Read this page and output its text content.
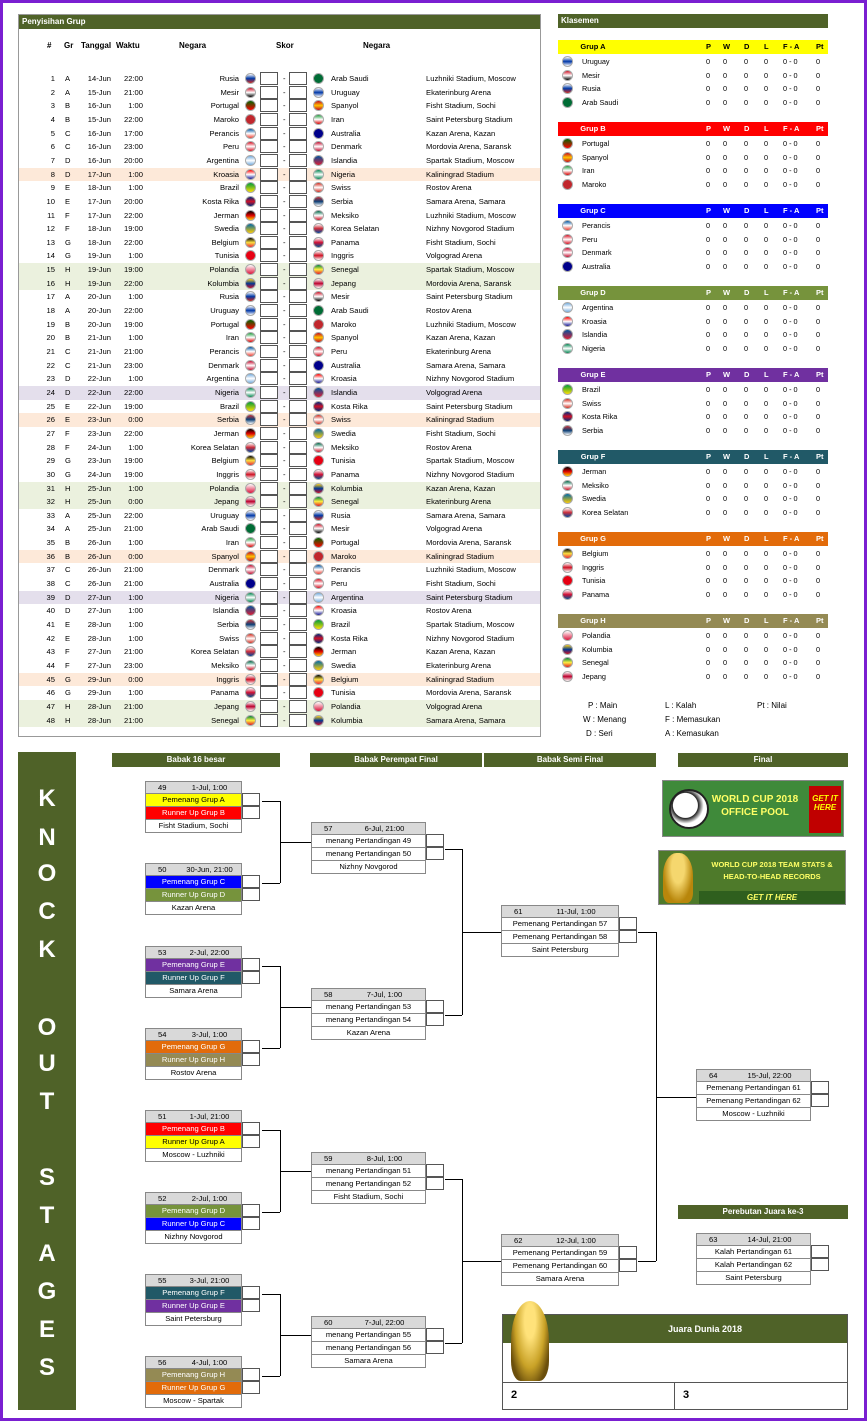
Penyisihan Grup
# Gr Tanggal Waktu	Negara	Skor	Negara
1 A	14-Jun	22:00	Rusia	-	Arab Saudi	Luzhniki Stadium, Moscow
2 A	15-Jun	21:00	Mesir	-	Uruguay	Ekaterinburg Arena
3 B	16-Jun	1:00	Portugal	-	Spanyol	Fisht Stadium, Sochi
4 B	15-Jun	22:00	Maroko	-	Iran	Saint Petersburg Stadium
5 C	16-Jun	17:00	Perancis	-	Australia	Kazan Arena, Kazan
6 C	16-Jun	23:00	Peru	-	Denmark	Mordovia Arena, Saransk
7 D	16-Jun	20:00	Argentina	-	Islandia	Spartak Stadium, Moscow
8 D	17-Jun	1:00	Kroasia	-	Nigeria	Kaliningrad Stadium
9 E	18-Jun	1:00	Brazil	-	Swiss	Rostov Arena
10 E	17-Jun	20:00	Kosta Rika	-	Serbia	Samara Arena, Samara
11 F	17-Jun	22:00	Jerman	-	Meksiko	Luzhniki Stadium, Moscow
12 F	18-Jun	19:00	Swedia	-	Korea Selatan	Nizhny Novgorod Stadium
13 G	18-Jun	22:00	Belgium	-	Panama	Fisht Stadium, Sochi
14 G	19-Jun	1:00	Tunisia	-	Inggris	Volgograd Arena
15 H	19-Jun	19:00	Polandia	-	Senegal	Spartak Stadium, Moscow
16 H	19-Jun	22:00	Kolumbia	-	Jepang	Mordovia Arena, Saransk
17 A	20-Jun	1:00	Rusia	-	Mesir	Saint Petersburg Stadium
18 A	20-Jun	22:00	Uruguay	-	Arab Saudi	Rostov Arena
19 B	20-Jun	19:00	Portugal	-	Maroko	Luzhniki Stadium, Moscow
20 B	21-Jun	1:00	Iran	-	Spanyol	Kazan Arena, Kazan
21 C	21-Jun	21:00	Perancis	-	Peru	Ekaterinburg Arena
22 C	21-Jun	23:00	Denmark	-	Australia	Samara Arena, Samara
23 D	22-Jun	1:00	Argentina	-	Kroasia	Nizhny Novgorod Stadium
24 D	22-Jun	22:00	Nigeria	-	Islandia	Volgograd Arena
25 E	22-Jun	19:00	Brazil	-	Kosta Rika	Saint Petersburg Stadium
26 E	23-Jun	0:00	Serbia	-	Swiss	Kaliningrad Stadium
27 F	23-Jun	22:00	Jerman	-	Swedia	Fisht Stadium, Sochi
28 F	24-Jun	1:00	Korea Selatan	-	Meksiko	Rostov Arena
29 G	23-Jun	19:00	Belgium	-	Tunisia	Spartak Stadium, Moscow
30 G	24-Jun	19:00	Inggris	-	Panama	Nizhny Novgorod Stadium
31 H	25-Jun	1:00	Polandia	-	Kolumbia	Kazan Arena, Kazan
32 H	25-Jun	0:00	Jepang	-	Senegal	Ekaterinburg Arena
33 A	25-Jun	22:00	Uruguay	-	Rusia	Samara Arena, Samara
34 A	25-Jun	21:00	Arab Saudi	-	Mesir	Volgograd Arena
35 B	26-Jun	1:00	Iran	-	Portugal	Mordovia Arena, Saransk
36 B	26-Jun	0:00	Spanyol	-	Maroko	Kaliningrad Stadium
37 C	26-Jun	21:00	Denmark	-	Perancis	Luzhniki Stadium, Moscow
38 C	26-Jun	21:00	Australia	-	Peru	Fisht Stadium, Sochi
39 D	27-Jun	1:00	Nigeria	-	Argentina	Saint Petersburg Stadium
40 D	27-Jun	1:00	Islandia	-	Kroasia	Rostov Arena
41 E	28-Jun	1:00	Serbia	-	Brazil	Spartak Stadium, Moscow
42 E	28-Jun	1:00	Swiss	-	Kosta Rika	Nizhny Novgorod Stadium
43 F	27-Jun	21:00	Korea Selatan	-	Jerman	Kazan Arena, Kazan
44 F	27-Jun	23:00	Meksiko	-	Swedia	Ekaterinburg Arena
45 G	29-Jun	0:00	Inggris	-	Belgium	Kaliningrad Stadium
46 G	29-Jun	1:00	Panama	-	Tunisia	Mordovia Arena, Saransk
47 H	28-Jun	21:00	Jepang	-	Polandia	Volgograd Arena
48 H	28-Jun	21:00	Senegal	-	Kolumbia	Samara Arena, Samara
Klasemen
Grup A	P W D L F - A Pt
Uruguay	0 0 0 0 0 - 0	0
Mesir	0 0 0 0 0 - 0	0
Rusia	0 0 0 0 0 - 0	0
Arab Saudi	0 0 0 0 0 - 0	0
Grup B	P W D L F - A Pt
Portugal	0 0 0 0 0 - 0	0
Spanyol	0 0 0 0 0 - 0	0
Iran	0 0 0 0 0 - 0	0
Maroko	0 0 0 0 0 - 0	0
Grup C	P W D L F - A Pt
Perancis	0 0 0 0 0 - 0	0
Peru	0 0 0 0 0 - 0	0
Denmark	0 0 0 0 0 - 0	0
Australia	0 0 0 0 0 - 0	0
Grup D	P W D L F - A Pt
Argentina	0 0 0 0 0 - 0	0
Kroasia	0 0 0 0 0 - 0	0
Islandia	0 0 0 0 0 - 0	0
Nigeria	0 0 0 0 0 - 0	0
Grup E	P W D L F - A Pt
Brazil	0 0 0 0 0 - 0	0
Swiss	0 0 0 0 0 - 0	0
Kosta Rika	0 0 0 0 0 - 0	0
Serbia	0 0 0 0 0 - 0	0
Grup F	P W D L F - A Pt
Jerman	0 0 0 0 0 - 0	0
Meksiko	0 0 0 0 0 - 0	0
Swedia	0 0 0 0 0 - 0	0
Korea Selatan	0 0 0 0 0 - 0	0
Grup G	P W D L F - A Pt
Belgium	0 0 0 0 0 - 0	0
Inggris	0 0 0 0 0 - 0	0
Tunisia	0 0 0 0 0 - 0	0
Panama	0 0 0 0 0 - 0	0
Grup H	P W D L F - A Pt
Polandia	0 0 0 0 0 - 0	0
Kolumbia	0 0 0 0 0 - 0	0
Senegal	0 0 0 0 0 - 0	0
Jepang	0 0 0 0 0 - 0	0
P : Main	L : Kalah	Pt : Nilai
W : Menang	F : Memasukan
D : Seri	A : Kemasukan
K
N
O
C
K
O
U
T
S
T
A
G
E
S
Babak 16 besar	Babak Perempat Final	Babak Semi Final	Final
Perebutan Juara ke-3
49	1-Jul, 1:00
Pemenang Grup A
Runner Up Grup B
Fisht Stadium, Sochi
50	30-Jun, 21:00
Pemenang Grup C
Runner Up Grup D
Kazan Arena
53	2-Jul, 22:00
Pemenang Grup E
Runner Up Grup F
Samara Arena
54	3-Jul, 1:00
Pemenang Grup G
Runner Up Grup H
Rostov Arena
51	1-Jul, 21:00
Pemenang Grup B
Runner Up Grup A
Moscow - Luzhniki
52	2-Jul, 1:00
Pemenang Grup D
Runner Up Grup C
Nizhny Novgorod
55	3-Jul, 21:00
Pemenang Grup F
Runner Up Grup E
Saint Petersburg
56	4-Jul, 1:00
Pemenang Grup H
Runner Up Grup G
Moscow - Spartak
57	6-Jul, 21:00
menang Pertandingan 49
menang Pertandingan 50
Nizhny Novgorod
58	7-Jul, 1:00
menang Pertandingan 53
menang Pertandingan 54
Kazan Arena
59	8-Jul, 1:00
menang Pertandingan 51
menang Pertandingan 52
Fisht Stadium, Sochi
60	7-Jul, 22:00
menang Pertandingan 55
menang Pertandingan 56
Samara Arena
61	11-Jul, 1:00
Pemenang Pertandingan 57
Pemenang Pertandingan 58
Saint Petersburg
62	12-Jul, 1:00
Pemenang Pertandingan 59
Pemenang Pertandingan 60
Samara Arena
64	15-Jul, 22:00
Pemenang Pertandingan 61
Pemenang Pertandingan 62
Moscow - Luzhniki
63	14-Jul, 21:00
Kalah Pertandingan 61
Kalah Pertandingan 62
Saint Petersburg
WORLD CUP 2018 OFFICE POOL
GET IT HERE
WORLD CUP 2018 TEAM STATS & HEAD-TO-HEAD RECORDS
GET IT HERE
Juara Dunia 2018
2	3
